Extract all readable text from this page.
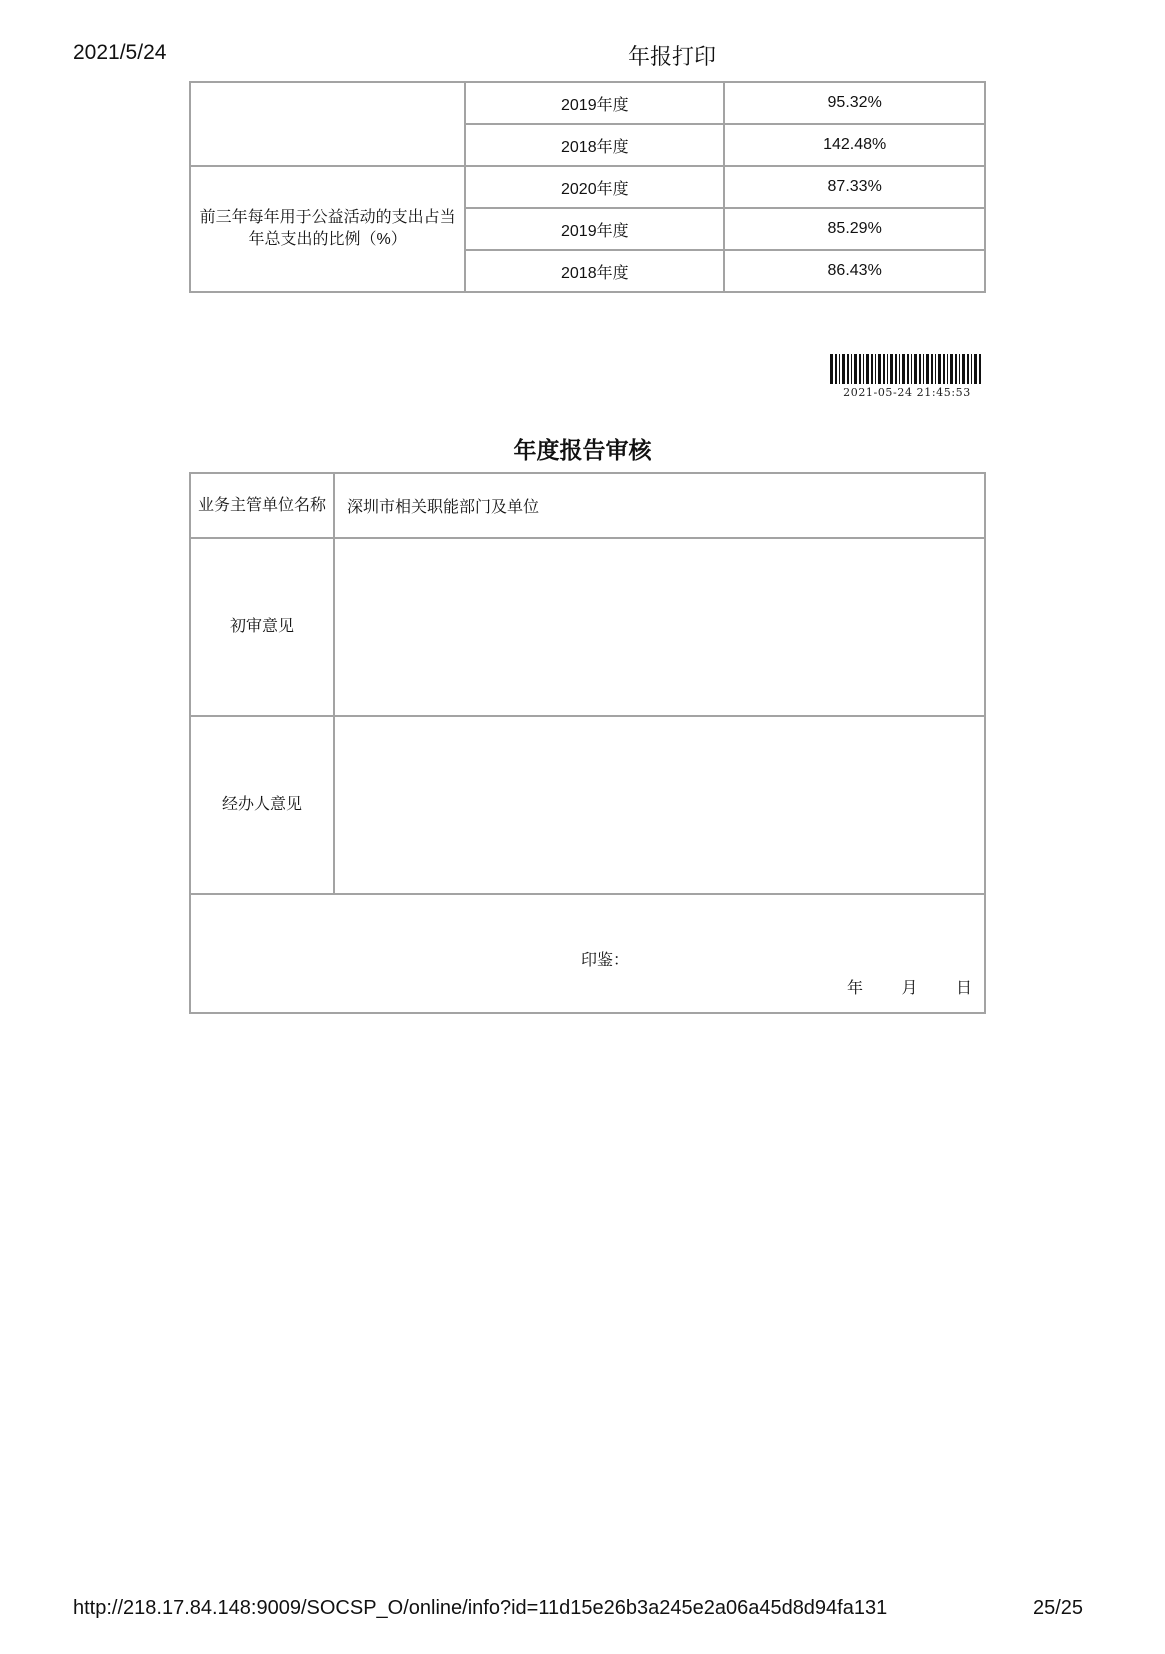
2021/5/24	年报打印
	2019年度	95.32%
	2018年度	142.48%
前三年每年用于公益活动的支出占当年总支出的比例（%）	2020年度	87.33%
	2019年度	85.29%
	2018年度	86.43%
2021-05-24 21:45:53
年度报告审核
业务主管单位名称	深圳市相关职能部门及单位
初审意见	
经办人意见	

印鉴：
年 月 日	
http://218.17.84.148:9009/SOCSP_O/online/info?id=11d15e26b3a245e2a06a45d8d94fa131	25/25
